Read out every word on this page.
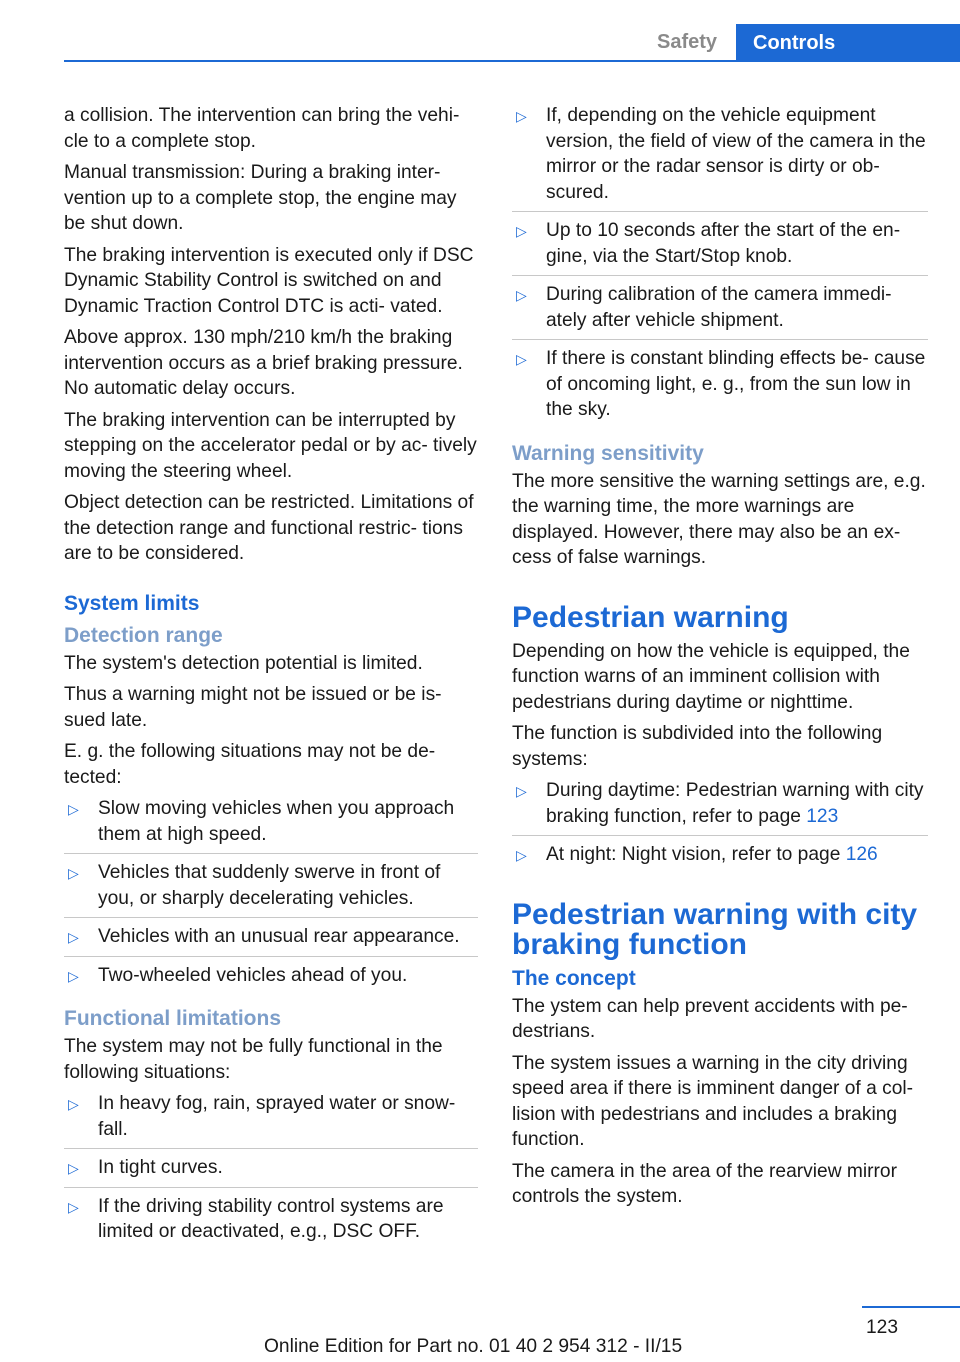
Safety	Controls

a collision. The intervention can bring the vehi‐ cle to a complete stop.

Manual transmission: During a braking inter‐ vention up to a complete stop, the engine may be shut down.

The braking intervention is executed only if DSC Dynamic Stability Control is switched on and Dynamic Traction Control DTC is acti‐ vated.

Above approx. 130 mph/210 km/h the braking intervention occurs as a brief braking pressure. No automatic delay occurs.

The braking intervention can be interrupted by stepping on the accelerator pedal or by ac‐ tively moving the steering wheel.

Object detection can be restricted. Limitations of the detection range and functional restric‐ tions are to be considered.

System limits
Detection range

The system's detection potential is limited.

Thus a warning might not be issued or be is‐ sued late.

E. g. the following situations may not be de‐ tected:

▷ Slow moving vehicles when you approach them at high speed.
▷ Vehicles that suddenly swerve in front of you, or sharply decelerating vehicles.
▷ Vehicles with an unusual rear appearance.
▷ Two-wheeled vehicles ahead of you.
Functional limitations

The system may not be fully functional in the following situations:

▷ In heavy fog, rain, sprayed water or snow‐ fall.
▷ In tight curves.
▷ If the driving stability control systems are limited or deactivated, e.g., DSC OFF.
▷ If, depending on the vehicle equipment version, the field of view of the camera in the mirror or the radar sensor is dirty or ob‐ scured.
▷ Up to 10 seconds after the start of the en‐ gine, via the Start/Stop knob.
▷ During calibration of the camera immedi‐ ately after vehicle shipment.
▷ If there is constant blinding effects be‐ cause of oncoming light, e. g., from the sun low in the sky.
Warning sensitivity

The more sensitive the warning settings are, e.g. the warning time, the more warnings are displayed. However, there may also be an ex‐ cess of false warnings.

Pedestrian warning

Depending on how the vehicle is equipped, the function warns of an imminent collision with pedestrians during daytime or nighttime.

The function is subdivided into the following systems:

▷ During daytime: Pedestrian warning with city braking function, refer to page 123
▷ At night: Night vision, refer to page 126
Pedestrian warning with city braking function
The concept

The ystem can help prevent accidents with pe‐ destrians.

The system issues a warning in the city driving speed area if there is imminent danger of a col‐ lision with pedestrians and includes a braking function.

The camera in the area of the rearview mirror controls the system.

123
Online Edition for Part no. 01 40 2 954 312 - II/15
